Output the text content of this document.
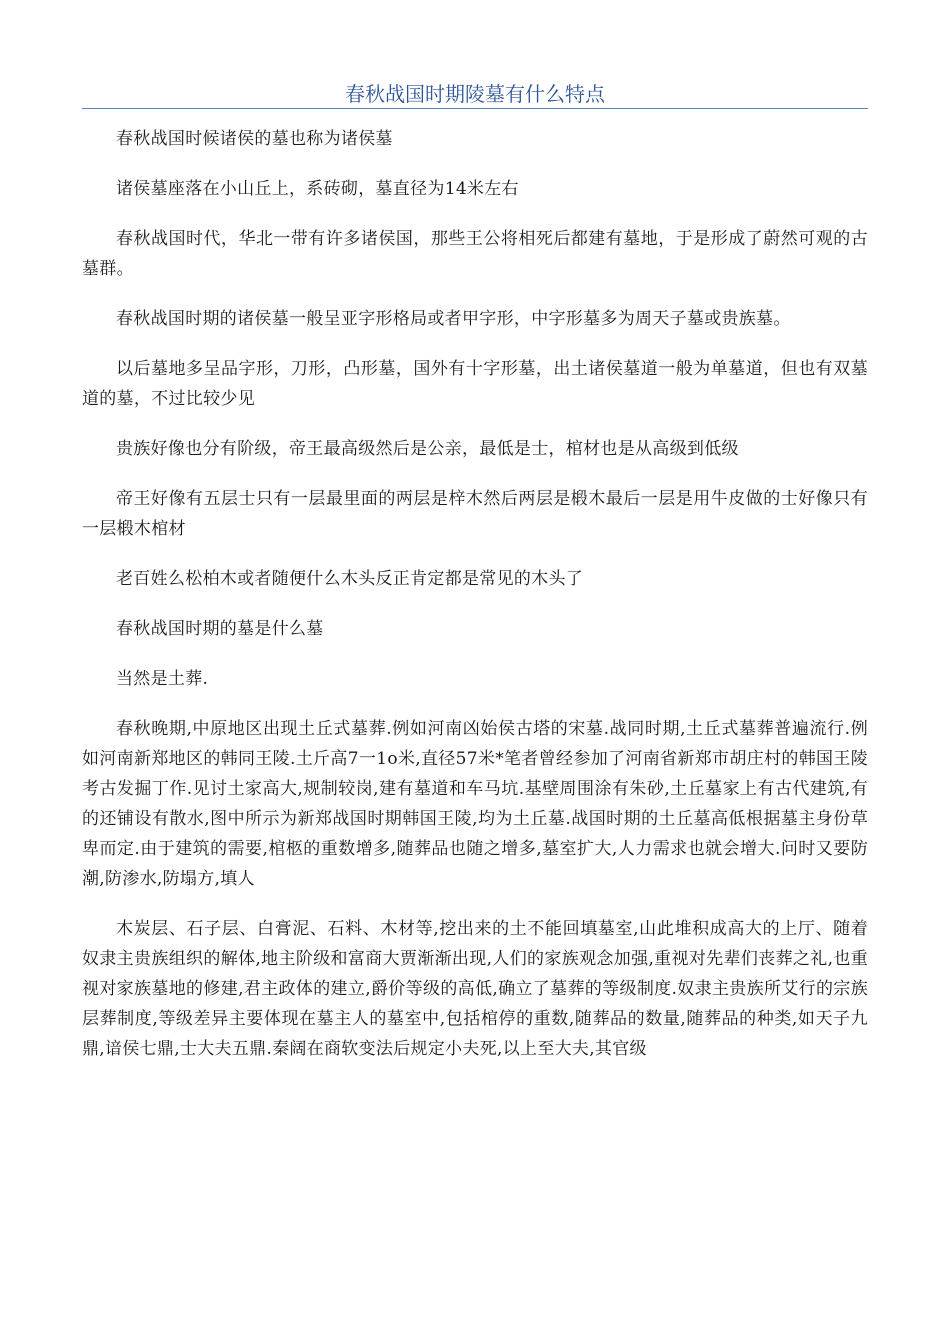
春秋战国时期陵墓有什么特点

春秋战国时候诸侯的墓也称为诸侯墓

诸侯墓座落在小山丘上，系砖砌，墓直径为14米左右

春秋战国时代，华北一带有许多诸侯国，那些王公将相死后都建有墓地，于是形成了蔚然可观的古墓群。

春秋战国时期的诸侯墓一般呈亚字形格局或者甲字形，中字形墓多为周天子墓或贵族墓。

以后墓地多呈品字形，刀形，凸形墓，国外有十字形墓，出土诸侯墓道一般为单墓道，但也有双墓道的墓，不过比较少见

贵族好像也分有阶级，帝王最高级然后是公亲，最低是士，棺材也是从高级到低级

帝王好像有五层士只有一层最里面的两层是梓木然后两层是椴木最后一层是用牛皮做的士好像只有一层椴木棺材

老百姓么松柏木或者随便什么木头反正肯定都是常见的木头了

春秋战国时期的墓是什么墓

当然是土葬.

春秋晚期,中原地区出现土丘式墓葬.例如河南凶始侯古塔的宋墓.战同时期,土丘式墓葬普遍流行.例如河南新郑地区的韩同王陵.土斤高7一1o米,直径57米*笔者曾经参加了河南省新郑市胡庄村的韩国王陵考古发掘丁作.见讨土家高大,规制较岗,建有墓道和车马坑.基壁周围涂有朱砂,土丘墓家上有古代建筑,有的还铺设有散水,图中所示为新郑战国时期韩国王陵,均为土丘墓.战国时期的土丘墓高低根据墓主身份草卑而定.由于建筑的需要,棺柩的重数增多,随葬品也随之增多,墓室扩大,人力需求也就会增大.问时又要防潮,防渗水,防塌方,填人

木炭层、石子层、白膏泥、石料、木材等,挖出来的土不能回填墓室,山此堆积成高大的上厅、随着奴隶主贵族组织的解体,地主阶级和富商大贾渐渐出现,人们的家族观念加强,重视对先辈们丧葬之礼,也重视对家族墓地的修建,君主政体的建立,爵价等级的高低,确立了墓葬的等级制度.奴隶主贵族所艾行的宗族层葬制度,等级差异主要体现在墓主人的墓室中,包括棺停的重数,随葬品的数量,随葬品的种类,如天子九鼎,谙侯七鼎,士大夫五鼎.秦阔在商软变法后规定小夫死,以上至大夫,其官级
